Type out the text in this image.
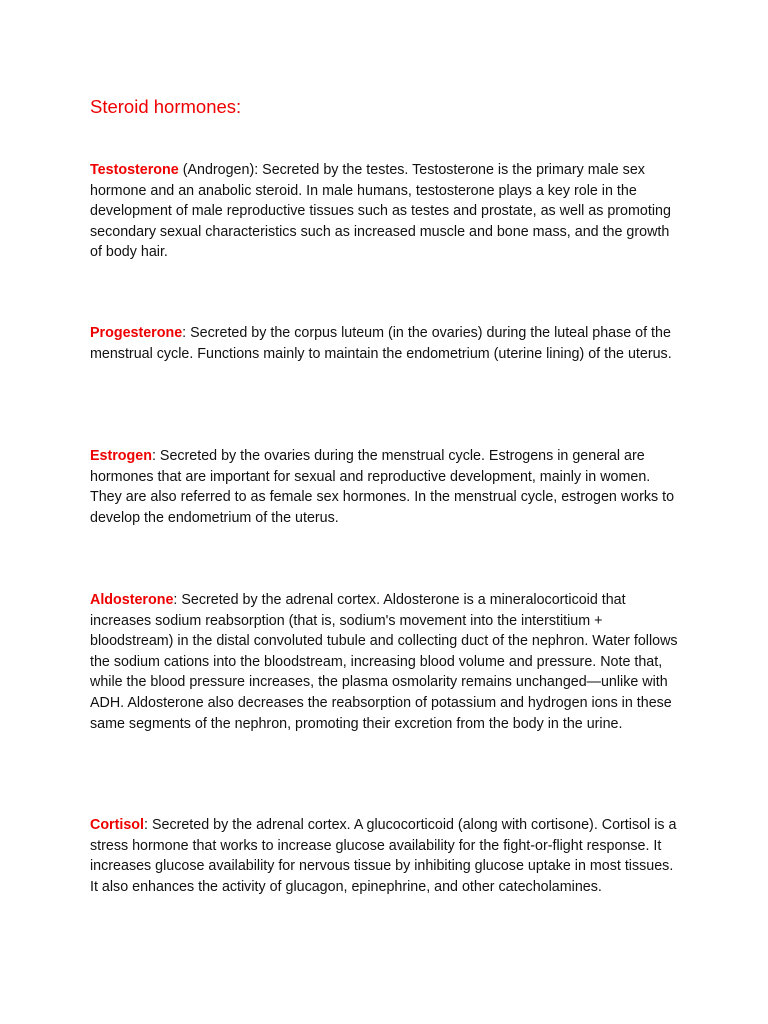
Steroid hormones:

Testosterone (Androgen): Secreted by the testes. Testosterone is the primary male sex hormone and an anabolic steroid. In male humans, testosterone plays a key role in the development of male reproductive tissues such as testes and prostate, as well as promoting secondary sexual characteristics such as increased muscle and bone mass, and the growth of body hair.

Progesterone: Secreted by the corpus luteum (in the ovaries) during the luteal phase of the menstrual cycle. Functions mainly to maintain the endometrium (uterine lining) of the uterus.

Estrogen: Secreted by the ovaries during the menstrual cycle. Estrogens in general are hormones that are important for sexual and reproductive development, mainly in women. They are also referred to as female sex hormones. In the menstrual cycle, estrogen works to develop the endometrium of the uterus.

Aldosterone: Secreted by the adrenal cortex. Aldosterone is a mineralocorticoid that increases sodium reabsorption (that is, sodium's movement into the interstitium + bloodstream) in the distal convoluted tubule and collecting duct of the nephron. Water follows the sodium cations into the bloodstream, increasing blood volume and pressure. Note that, while the blood pressure increases, the plasma osmolarity remains unchanged—unlike with ADH. Aldosterone also decreases the reabsorption of potassium and hydrogen ions in these same segments of the nephron, promoting their excretion from the body in the urine.

Cortisol: Secreted by the adrenal cortex. A glucocorticoid (along with cortisone). Cortisol is a stress hormone that works to increase glucose availability for the fight-or-flight response. It increases glucose availability for nervous tissue by inhibiting glucose uptake in most tissues. It also enhances the activity of glucagon, epinephrine, and other catecholamines.
